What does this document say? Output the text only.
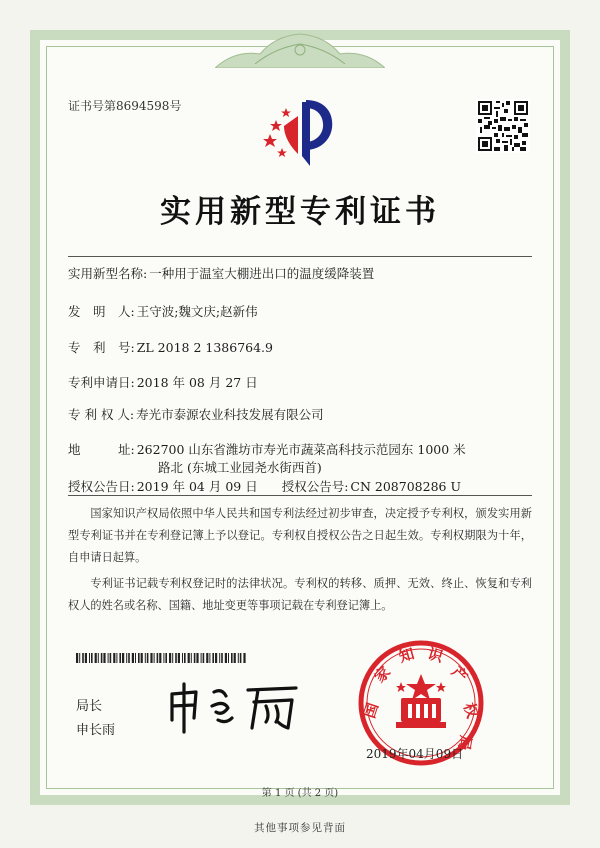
证书号第8694598号
实用新型专利证书
实用新型名称: 一种用于温室大棚进出口的温度缓降装置
发　明　人: 王守波;魏文庆;赵新伟
专　利　号: ZL 2018 2 1386764.9
专利申请日: 2018 年 08 月 27 日
专 利 权 人: 寿光市泰源农业科技发展有限公司
地　　　址: 262700 山东省潍坊市寿光市蔬菜高科技示范园东 1000 米
路北 (东城工业园尧水街西首)
授权公告日: 2019 年 04 月 09 日 授权公告号: CN 208708286 U

国家知识产权局依照中华人民共和国专利法经过初步审查，决定授予专利权，颁发实用新型专利证书并在专利登记簿上予以登记。专利权自授权公告之日起生效。专利权期限为十年，自申请日起算。

专利证书记载专利权登记时的法律状况。专利权的转移、质押、无效、终止、恢复和专利权人的姓名或名称、国籍、地址变更等事项记载在专利登记簿上。

局长
申长雨
国
家
知 识
产
权
局
2019年04月09日
第 1 页 (共 2 页)
其他事项参见背面
